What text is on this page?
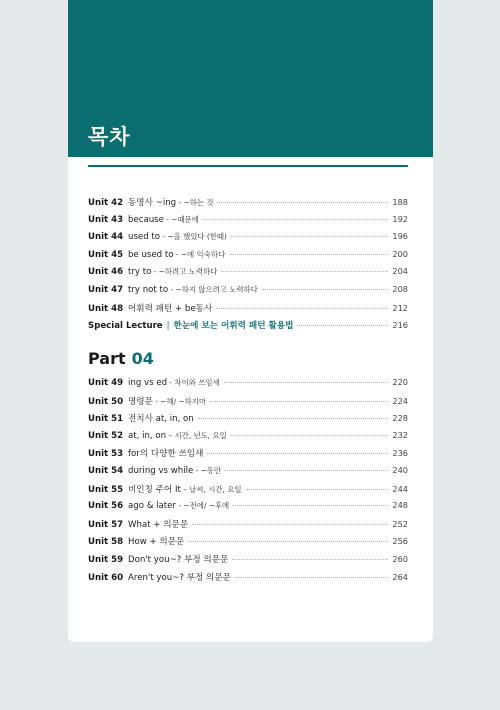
목차
Unit 42 동명사 ~ing - ~하는 것	188
Unit 43 because - ~때문에	192
Unit 44 used to - ~을 했었다 (한때)	196
Unit 45 be used to - ~에 익숙하다	200
Unit 46 try to - ~하려고 노력하다	204
Unit 47 try not to - ~하지 않으려고 노력하다	208
Unit 48 어휘력 패턴 + be동사	212
Special Lecture | 한눈에 보는 어휘력 패턴 활용법	216
Part 04
Unit 49 ing vs ed - 차이와 쓰임새	220
Unit 50 명령문 - ~해/ ~하지마	224
Unit 51 전치사 at, in, on	228
Unit 52 at, in, on – 시간, 년도, 요일	232
Unit 53 for의 다양한 쓰임새	236
Unit 54 during vs while - ~동안	240
Unit 55 비인칭 주어 It – 날씨, 시간, 요일	244
Unit 56 ago & later - ~전에/ ~후에	248
Unit 57 What + 의문문	252
Unit 58 How + 의문문	256
Unit 59 Don't you~? 부정 의문문	260
Unit 60 Aren't you~? 부정 의문문	264
